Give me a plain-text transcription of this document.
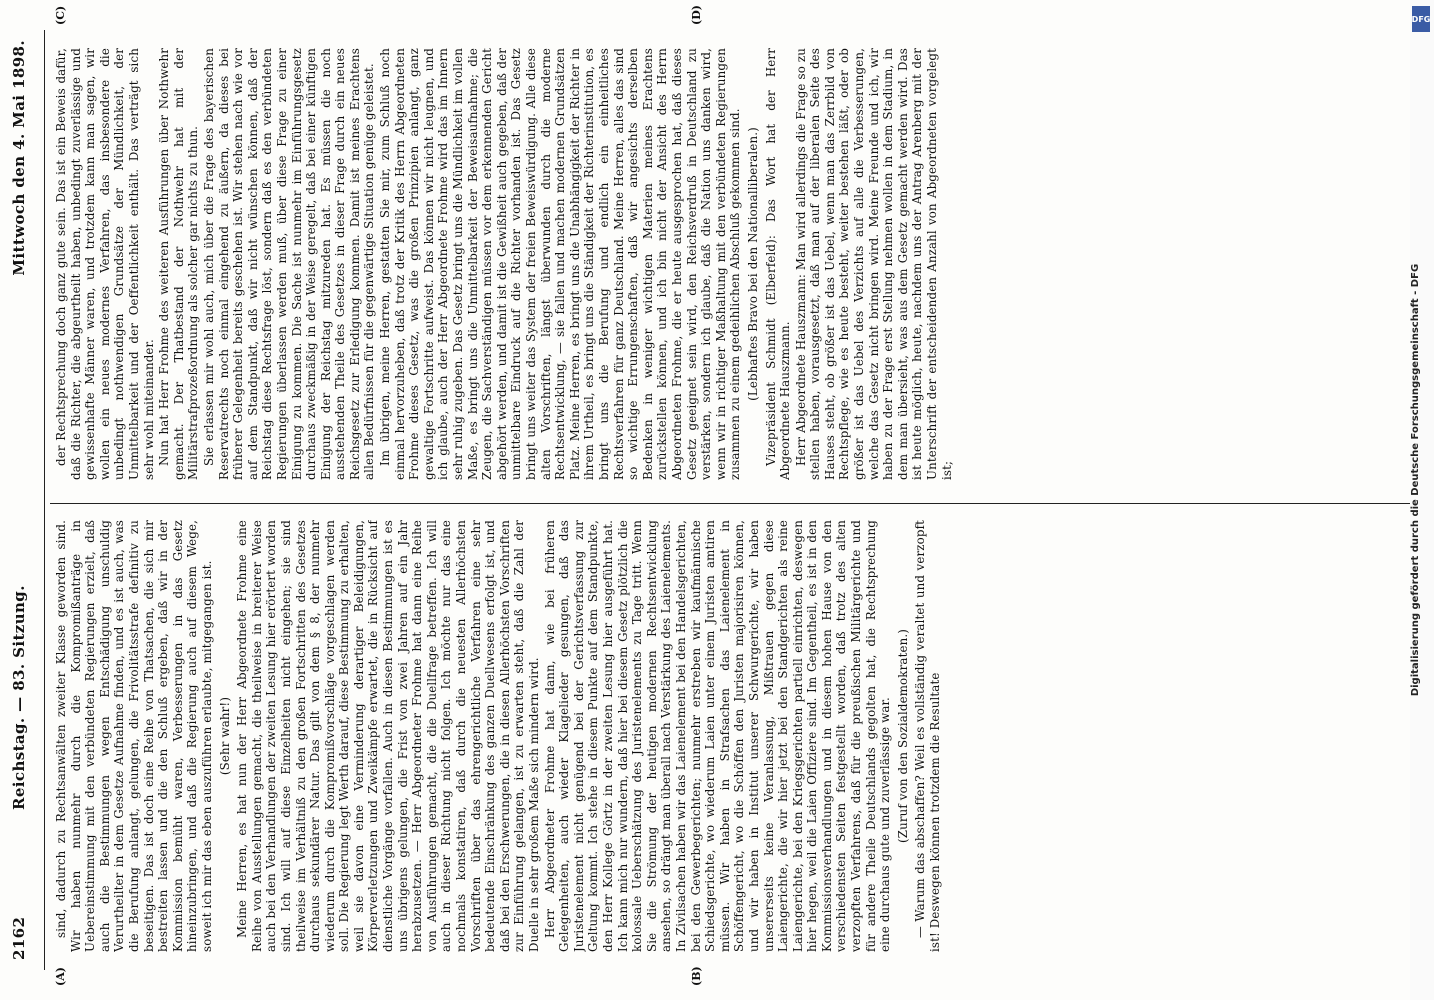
2162
Reichstag. — 83. Sitzung.
Mittwoch den 4. Mai 1898.
(A)	(B)
(C)	(D)

sind, dadurch zu Rechtsanwälten zweiter Klasse geworden sind. Wir haben nunmehr durch die Kompromißanträge in Uebereinstimmung mit den verbündeten Regierungen erzielt, daß auch die Bestimmungen wegen Entschädigung unschuldig Verurtheilter in dem Gesetze Aufnahme finden, und es ist auch, was die Berufung anlangt, gelungen, die Frivolitätsstrafe definitiv zu beseitigen. Das ist doch eine Reihe von Thatsachen, die sich mir bestreiten lassen und die den Schluß ergeben, daß wir in der Kommission bemüht waren, Verbesserungen in das Gesetz hineinzubringen, und daß die Regierung auch auf diesem Wege, soweit ich mir das eben auszuführen erlaubte, mitgegangen ist. (Sehr wahr!) Meine Herren, es hat nun der Herr Abgeordnete Frohme eine Reihe von Ausstellungen gemacht, die theilweise in breiterer Weise auch bei den Verhandlungen der zweiten Lesung hier erörtert worden sind. Ich will auf diese Einzelheiten nicht eingehen; sie sind theilweise im Verhältniß zu den großen Fortschritten des Gesetzes durchaus sekundärer Natur. Das gilt von dem § 8, der nunmehr wiederum durch die Kompromißvorschläge vorgeschlagen werden soll. Die Regierung legt Werth darauf, diese Bestimmung zu erhalten, weil sie davon eine Verminderung derartiger Beleidigungen, Körperverletzungen und Zweikämpfe erwartet, die in Rücksicht auf dienstliche Vorgänge vorfallen. Auch in diesen Bestimmungen ist es uns übrigens gelungen, die Frist von zwei Jahren auf ein Jahr herabzusetzen. — Herr Abgeordneter Frohme hat dann eine Reihe von Ausführungen gemacht, die die Duellfrage betreffen. Ich will auch in dieser Richtung nicht folgen. Ich möchte nur das eine nochmals konstatiren, daß durch die neuesten Allerhöchsten Vorschriften über das ehrengerichtliche Verfahren eine sehr bedeutende Einschränkung des ganzen Duellwesens erfolgt ist, und daß bei den Erschwerungen, die in diesen Allerhöchsten Vorschriften zur Einführung gelangen, ist zu erwarten steht, daß die Zahl der Duelle in sehr großem Maße sich mindern wird. Herr Abgeordneter Frohme hat dann, wie bei früheren Gelegenheiten, auch wieder Klagelieder gesungen, daß das Juristenelement nicht genügend bei der Gerichtsverfassung zur Geltung kommt. Ich stehe in diesem Punkte auf dem Standpunkte, den Herr Kollege Görtz in der zweiten Lesung hier ausgeführt hat. Ich kann mich nur wundern, daß hier bei diesem Gesetz plötzlich die kolossale Ueberschätzung des Juristenelements zu Tage tritt. Wenn Sie die Strömung der heutigen modernen Rechtsentwicklung ansehen, so drängt man überall nach Verstärkung des Laienelements. In Zivilsachen haben wir das Laienelement bei den Handelsgerichten, bei den Gewerbegerichten; nunmehr erstreben wir kaufmännische Schiedsgerichte, wo wiederum Laien unter einem Juristen amtiren müssen. Wir haben in Strafsachen das Laienelement in Schöffengericht, wo die Schöffen den Juristen majorisiren können, und wir haben in Institut unserer Schwurgerichte, wir haben unsererseits keine Veranlassung, Mißtrauen gegen diese Laiengerichte, die wir hier jetzt bei den Standgerichten als reine Laiengerichte, bei den Kriegsgerichten partiell einrichten, deswegen hier hegen, weil die Laien Offiziere sind. Im Gegentheil, es ist in den Kommissionsverhandlungen und in diesem hohen Hause von den verschiedensten Seiten festgestellt worden, daß trotz des alten verzopften Verfahrens, daß für die preußischen Militärgerichte und für andere Theile Deutschlands gegolten hat, die Rechtsprechung eine durchaus gute und zuverlässige war. (Zuruf von den Sozialdemokraten.) — Warum das abschaffen? Weil es vollständig veraltet und verzopft ist! Deswegen können trotzdem die Resultate

der Rechtsprechung doch ganz gute sein. Das ist ein Beweis dafür, daß die Richter, die abgeurtheilt haben, unbedingt zuverlässige und gewissenhafte Männer waren, und trotzdem kann man sagen, wir wollen ein neues modernes Verfahren, das insbesondere die unbedingt nothwendigen Grundsätze der Mündlichkeit, der Unmittelbarkeit und der Oeffentlichkeit enthält. Das verträgt sich sehr wohl miteinander. Nun hat Herr Frohme des weiteren Ausführungen über Nothwehr gemacht. Der Thatbestand der Nothwehr hat mit der Militärstrafprozeßordnung als solcher gar nichts zu thun. Sie erlassen mir wohl auch, mich über die Frage des bayerischen Reservatrechts noch einmal eingehend zu äußern, da dieses bei früherer Gelegenheit bereits geschehen ist. Wir stehen nach wie vor auf dem Standpunkt, daß wir nicht wünschen können, daß der Reichstag diese Rechtsfrage löst, sondern daß es den verbündeten Regierungen überlassen werden muß, über diese Frage zu einer Einigung zu kommen. Die Sache ist nunmehr im Einführungsgesetz durchaus zweckmäßig in der Weise geregelt, daß bei einer künftigen Einigung der Reichstag mitzureden hat. Es müssen die noch ausstehenden Theile des Gesetzes in dieser Frage durch ein neues Reichsgesetz zur Erledigung kommen. Damit ist meines Erachtens allen Bedürfnissen für die gegenwärtige Situation genüge geleistet. Im übrigen, meine Herren, gestatten Sie mir, zum Schluß noch einmal hervorzuheben, daß trotz der Kritik des Herrn Abgeordneten Frohme dieses Gesetz, was die großen Prinzipien anlangt, ganz gewaltige Fortschritte aufweist. Das können wir nicht leugnen, und ich glaube, auch der Herr Abgeordnete Frohme wird das im Innern sehr ruhig zugeben. Das Gesetz bringt uns die Mündlichkeit im vollen Maße, es bringt uns die Unmittelbarkeit der Beweisaufnahme; die Zeugen, die Sachverständigen müssen vor dem erkennenden Gericht abgehört werden, und damit ist die Gewißheit auch gegeben, daß der unmittelbare Eindruck auf die Richter vorhanden ist. Das Gesetz bringt uns weiter das System der freien Beweiswürdigung. Alle diese alten Vorschriften, längst überwunden durch die moderne Rechtsentwicklung, — sie fallen und machen modernen Grundsätzen Platz. Meine Herren, es bringt uns die Unabhängigkeit der Richter in ihrem Urtheil, es bringt uns die Ständigkeit der Richterinstitution, es bringt uns die Berufung und endlich ein einheitliches Rechtsverfahren für ganz Deutschland. Meine Herren, alles das sind so wichtige Errungenschaften, daß wir angesichts derselben Bedenken in weniger wichtigen Materien meines Erachtens zurückstellen können, und ich bin nicht der Ansicht des Herrn Abgeordneten Frohme, die er heute ausgesprochen hat, daß dieses Gesetz geeignet sein wird, den Reichsverdruß in Deutschland zu verstärken, sondern ich glaube, daß die Nation uns danken wird, wenn wir in richtiger Maßhaltung mit den verbündeten Regierungen zusammen zu einem gedeihlichen Abschluß gekommen sind. (Lebhaftes Bravo bei den Nationalliberalen.) Vizepräsident Schmidt (Elberfeld): Das Wort hat der Herr Abgeordnete Hauszmann. Herr Abgeordnete Hauszmann: Man wird allerdings die Frage so zu stellen haben, vorausgesetzt, daß man auf der liberalen Seite des Hauses steht, ob größer ist das Uebel, wenn man das Zerrbild von Rechtspflege, wie es heute besteht, weiter bestehen läßt, oder ob größer ist das Uebel des Verzichts auf alle die Verbesserungen, welche das Gesetz nicht bringen wird. Meine Freunde und ich, wir haben zu der Frage erst Stellung nehmen wollen in dem Stadium, in dem man übersieht, was aus dem Gesetz gemacht werden wird. Das ist heute möglich, heute, nachdem uns der Antrag Arenberg mit der Unterschrift der entscheidenden Anzahl von Abgeordneten vorgelegt ist;

DFG
Digitalisierung gefördert durch die Deutsche Forschungsgemeinschaft - DFG
